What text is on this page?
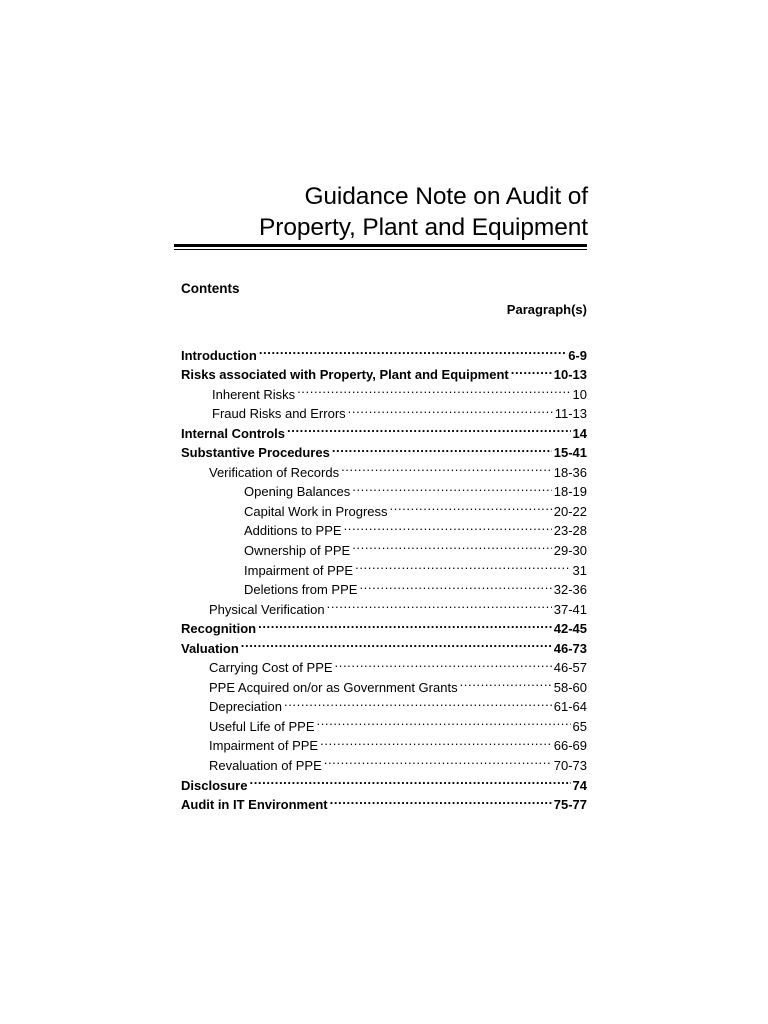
Guidance Note on Audit of
Property, Plant and Equipment
Contents
Paragraph(s)
Introduction .....	6-9
Risks associated with Property, Plant and Equipment .....	10-13
Inherent Risks .....	10
Fraud Risks and Errors .....	11-13
Internal Controls .....	14
Substantive Procedures .....	15-41
Verification of Records .....	18-36
Opening Balances .....	18-19
Capital Work in Progress .....	20-22
Additions to PPE .....	23-28
Ownership of PPE .....	29-30
Impairment of PPE .....	31
Deletions from PPE .....	32-36
Physical Verification .....	37-41
Recognition .....	42-45
Valuation .....	46-73
Carrying Cost of PPE .....	46-57
PPE Acquired on/or as Government Grants .....	58-60
Depreciation .....	61-64
Useful Life of PPE .....	65
Impairment of PPE .....	66-69
Revaluation of PPE .....	70-73
Disclosure .....	74
Audit in IT Environment .....	75-77
